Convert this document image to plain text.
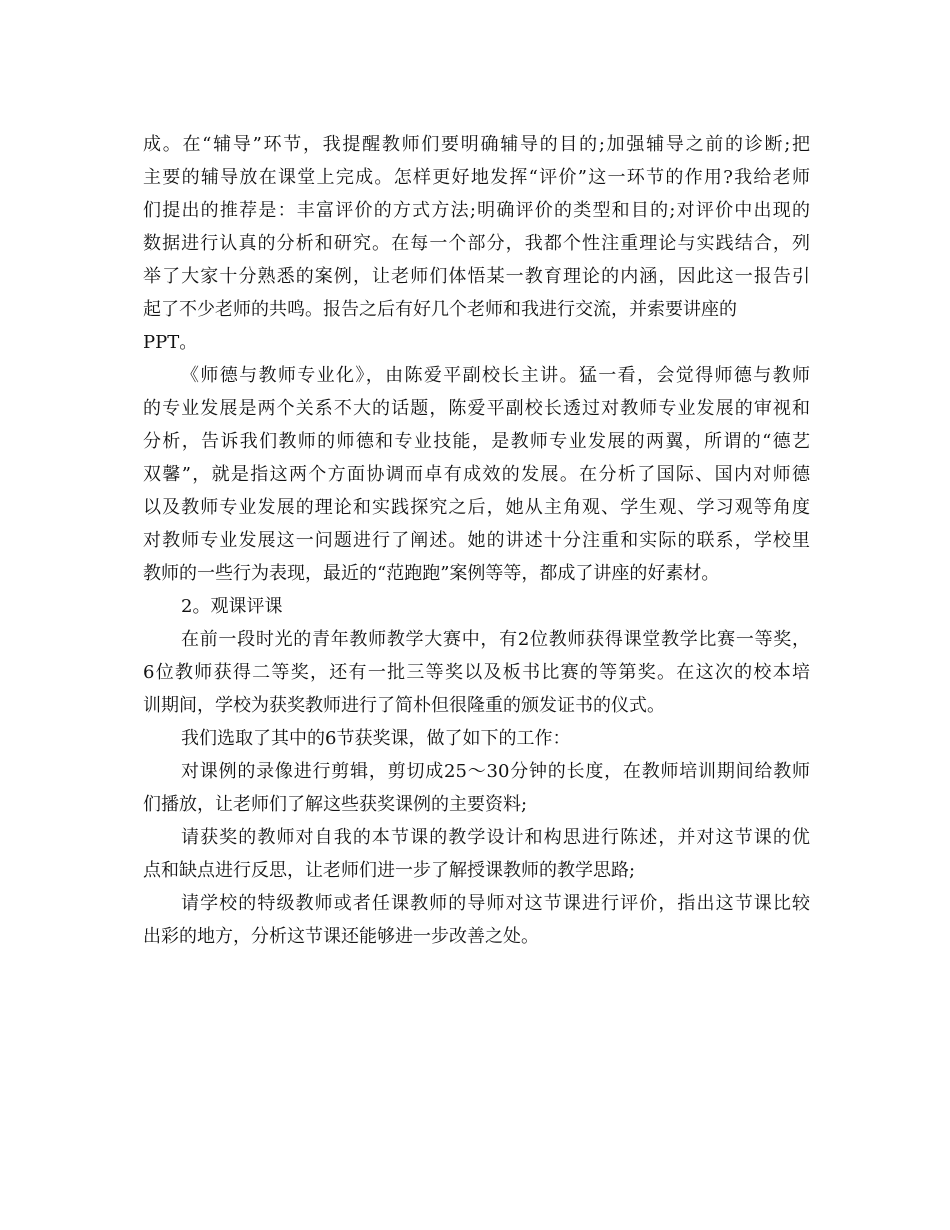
成。在“辅导”环节，我提醒教师们要明确辅导的目的;加强辅导之前的诊断;把
主要的辅导放在课堂上完成。怎样更好地发挥“评价”这一环节的作用?我给老师
们提出的推荐是：丰富评价的方式方法;明确评价的类型和目的;对评价中出现的
数据进行认真的分析和研究。在每一个部分，我都个性注重理论与实践结合，列
举了大家十分熟悉的案例，让老师们体悟某一教育理论的内涵，因此这一报告引
起了不少老师的共鸣。报告之后有好几个老师和我进行交流，并索要讲座的
PPT。
《师德与教师专业化》，由陈爱平副校长主讲。猛一看，会觉得师德与教师
的专业发展是两个关系不大的话题，陈爱平副校长透过对教师专业发展的审视和
分析，告诉我们教师的师德和专业技能，是教师专业发展的两翼，所谓的“德艺
双馨”，就是指这两个方面协调而卓有成效的发展。在分析了国际、国内对师德
以及教师专业发展的理论和实践探究之后，她从主角观、学生观、学习观等角度
对教师专业发展这一问题进行了阐述。她的讲述十分注重和实际的联系，学校里
教师的一些行为表现，最近的“范跑跑”案例等等，都成了讲座的好素材。
2。观课评课
在前一段时光的青年教师教学大赛中，有2位教师获得课堂教学比赛一等奖，
6位教师获得二等奖，还有一批三等奖以及板书比赛的等第奖。在这次的校本培
训期间，学校为获奖教师进行了简朴但很隆重的颁发证书的仪式。
我们选取了其中的6节获奖课，做了如下的工作：
对课例的录像进行剪辑，剪切成25～30分钟的长度，在教师培训期间给教师
们播放，让老师们了解这些获奖课例的主要资料;
请获奖的教师对自我的本节课的教学设计和构思进行陈述，并对这节课的优
点和缺点进行反思，让老师们进一步了解授课教师的教学思路;
请学校的特级教师或者任课教师的导师对这节课进行评价，指出这节课比较
出彩的地方，分析这节课还能够进一步改善之处。
